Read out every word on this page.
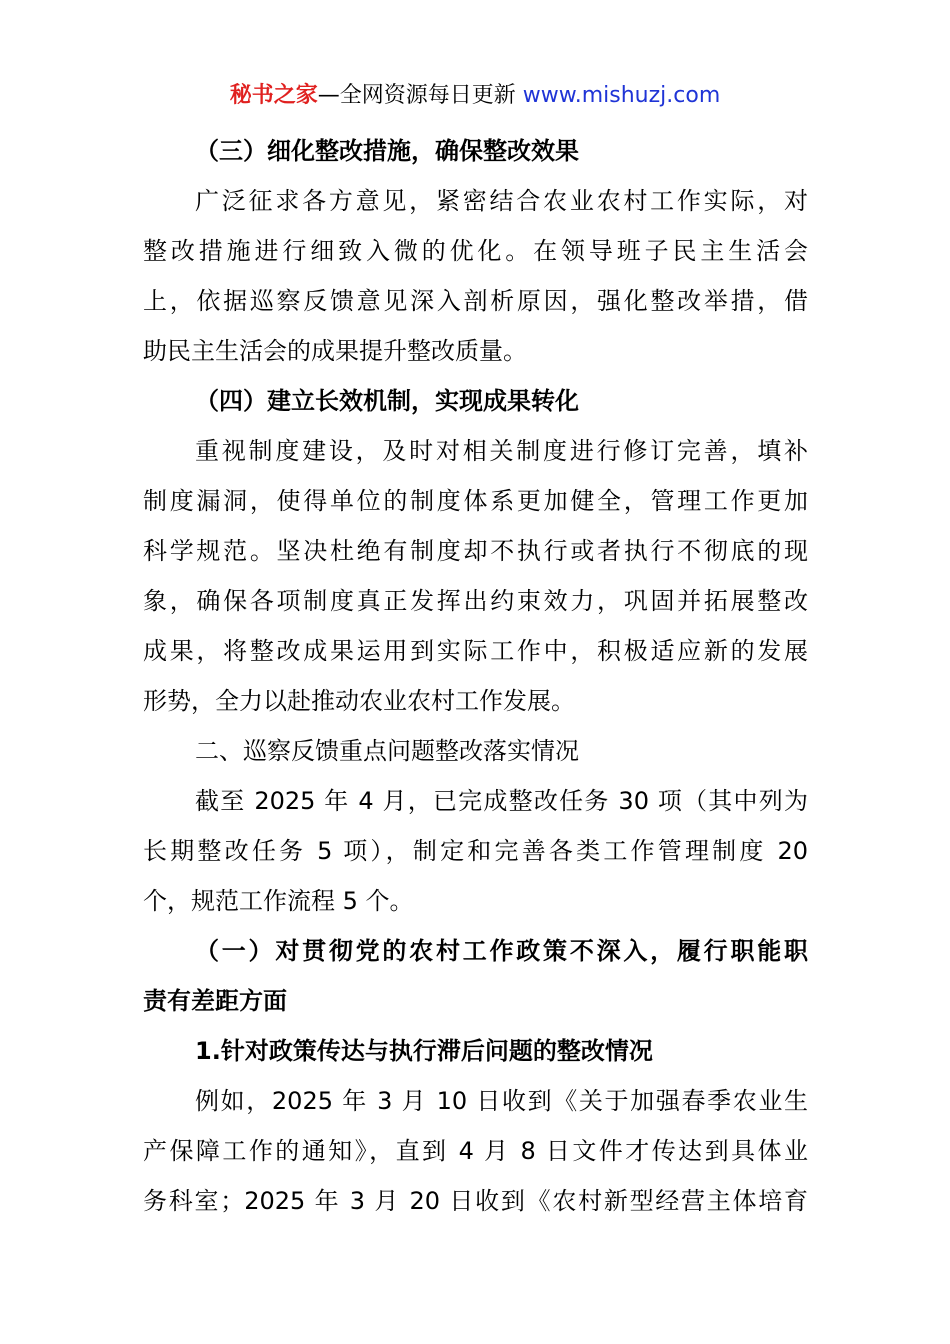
秘书之家—全网资源每日更新 www.mishuzj.com
（三）细化整改措施，确保整改效果
广泛征求各方意见，紧密结合农业农村工作实际，对
整改措施进行细致入微的优化。在领导班子民主生活会
上，依据巡察反馈意见深入剖析原因，强化整改举措，借
助民主生活会的成果提升整改质量。
（四）建立长效机制，实现成果转化
重视制度建设，及时对相关制度进行修订完善，填补
制度漏洞，使得单位的制度体系更加健全，管理工作更加
科学规范。坚决杜绝有制度却不执行或者执行不彻底的现
象，确保各项制度真正发挥出约束效力，巩固并拓展整改
成果，将整改成果运用到实际工作中，积极适应新的发展
形势，全力以赴推动农业农村工作发展。
二、巡察反馈重点问题整改落实情况
截至 2025 年 4 月，已完成整改任务 30 项（其中列为
长期整改任务 5 项），制定和完善各类工作管理制度 20
个，规范工作流程 5 个。
（一）对贯彻党的农村工作政策不深入，履行职能职
责有差距方面
1.针对政策传达与执行滞后问题的整改情况
例如，2025 年 3 月 10 日收到《关于加强春季农业生
产保障工作的通知》，直到 4 月 8 日文件才传达到具体业
务科室；2025 年 3 月 20 日收到《农村新型经营主体培育
